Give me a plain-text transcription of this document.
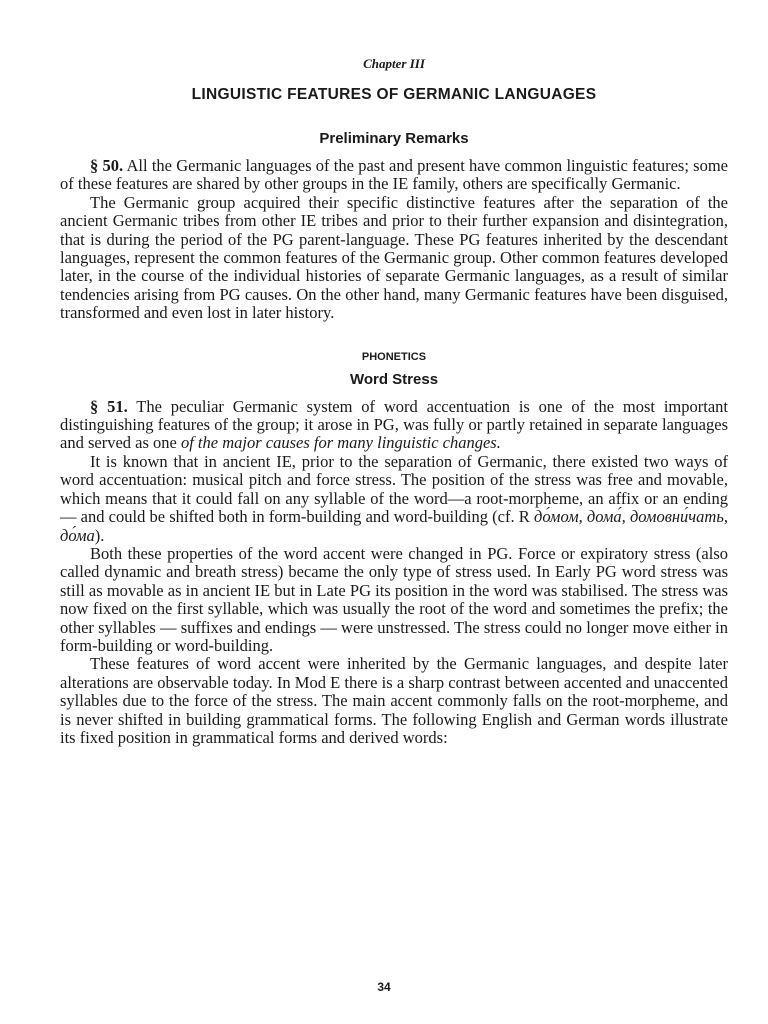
Chapter III
LINGUISTIC FEATURES OF GERMANIC LANGUAGES
Preliminary Remarks

§ 50. All the Germanic languages of the past and present have common linguistic features; some of these features are shared by other groups in the IE family, others are specifically Germanic.

The Germanic group acquired their specific distinctive features after the separation of the ancient Germanic tribes from other IE tribes and prior to their further expansion and disintegration, that is during the period of the PG parent-language. These PG features inherited by the descendant languages, represent the common features of the Germanic group. Other common features developed later, in the course of the individual histories of separate Germanic languages, as a result of similar tendencies arising from PG causes. On the other hand, many Germanic features have been disguised, transformed and even lost in later history.

PHONETICS
Word Stress

§ 51. The peculiar Germanic system of word accentuation is one of the most important distinguishing features of the group; it arose in PG, was fully or partly retained in separate languages and served as one of the major causes for many linguistic changes.

It is known that in ancient IE, prior to the separation of Germanic, there existed two ways of word accentuation: musical pitch and force stress. The position of the stress was free and movable, which means that it could fall on any syllable of the word—a root-morpheme, an affix or an ending — and could be shifted both in form-building and word-building (cf. R до́мом, дома́, домовни́чать, до́ма).

Both these properties of the word accent were changed in PG. Force or expiratory stress (also called dynamic and breath stress) became the only type of stress used. In Early PG word stress was still as movable as in ancient IE but in Late PG its position in the word was stabilised. The stress was now fixed on the first syllable, which was usually the root of the word and sometimes the prefix; the other syllables — suffixes and endings — were unstressed. The stress could no longer move either in form-building or word-building.

These features of word accent were inherited by the Germanic languages, and despite later alterations are observable today. In Mod E there is a sharp contrast between accented and unaccented syllables due to the force of the stress. The main accent commonly falls on the root-morpheme, and is never shifted in building grammatical forms. The following English and German words illustrate its fixed position in grammatical forms and derived words:

34
